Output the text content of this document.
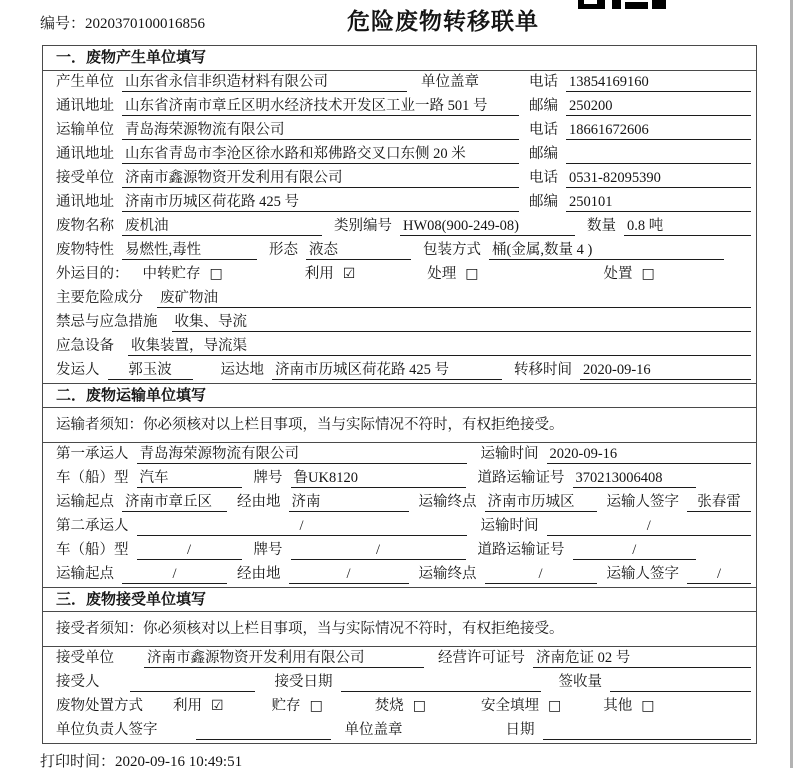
编号：2020370100016856	危险废物转移联单
一．废物产生单位填写
产生单位 山东省永信非织造材料有限公司	单位盖章	电话 13854169160
通讯地址 山东省济南市章丘区明水经济技术开发区工业一路 501 号	邮编 250200
运输单位 青岛海荣源物流有限公司	电话 18661672606
通讯地址 山东省青岛市李沧区徐水路和郑佛路交叉口东侧 20 米	邮编
接受单位 济南市鑫源物资开发利用有限公司	电话 0531-82095390
通讯地址 济南市历城区荷花路 425 号	邮编 250101
废物名称 废机油	类别编号 HW08(900-249-08)	数量 0.8 吨
废物特性 易燃性,毒性	形态 液态	包装方式 桶(金属,数量 4 )
外运目的： 中转贮存 □	利用 ☑	处理 □	处置 □
主要危险成分 废矿物油
禁忌与应急措施 收集、导流
应急设备 收集装置，导流渠
发运人	郭玉波	运达地 济南市历城区荷花路 425 号	转移时间 2020-09-16
二．废物运输单位填写
运输者须知：你必须核对以上栏目事项，当与实际情况不符时，有权拒绝接受。
第一承运人 青岛海荣源物流有限公司	运输时间 2020-09-16
车（船）型 汽车	牌号 鲁UK8120	道路运输证号 370213006408
运输起点 济南市章丘区	经由地 济南	运输终点 济南市历城区	运输人签字	张春雷
第二承运人	/	运输时间	/
车（船）型	/	牌号	/	道路运输证号	/
运输起点	/	经由地	/	运输终点	/	运输人签字	/
三．废物接受单位填写
接受者须知：你必须核对以上栏目事项，当与实际情况不符时，有权拒绝接受。
接受单位 济南市鑫源物资开发利用有限公司	经营许可证号 济南危证 02 号
接受人	接受日期	签收量
废物处置方式 利用 ☑	贮存 □	焚烧 □	安全填埋 □	其他 □
单位负责人签字	单位盖章	日期
打印时间：2020-09-16 10:49:51
